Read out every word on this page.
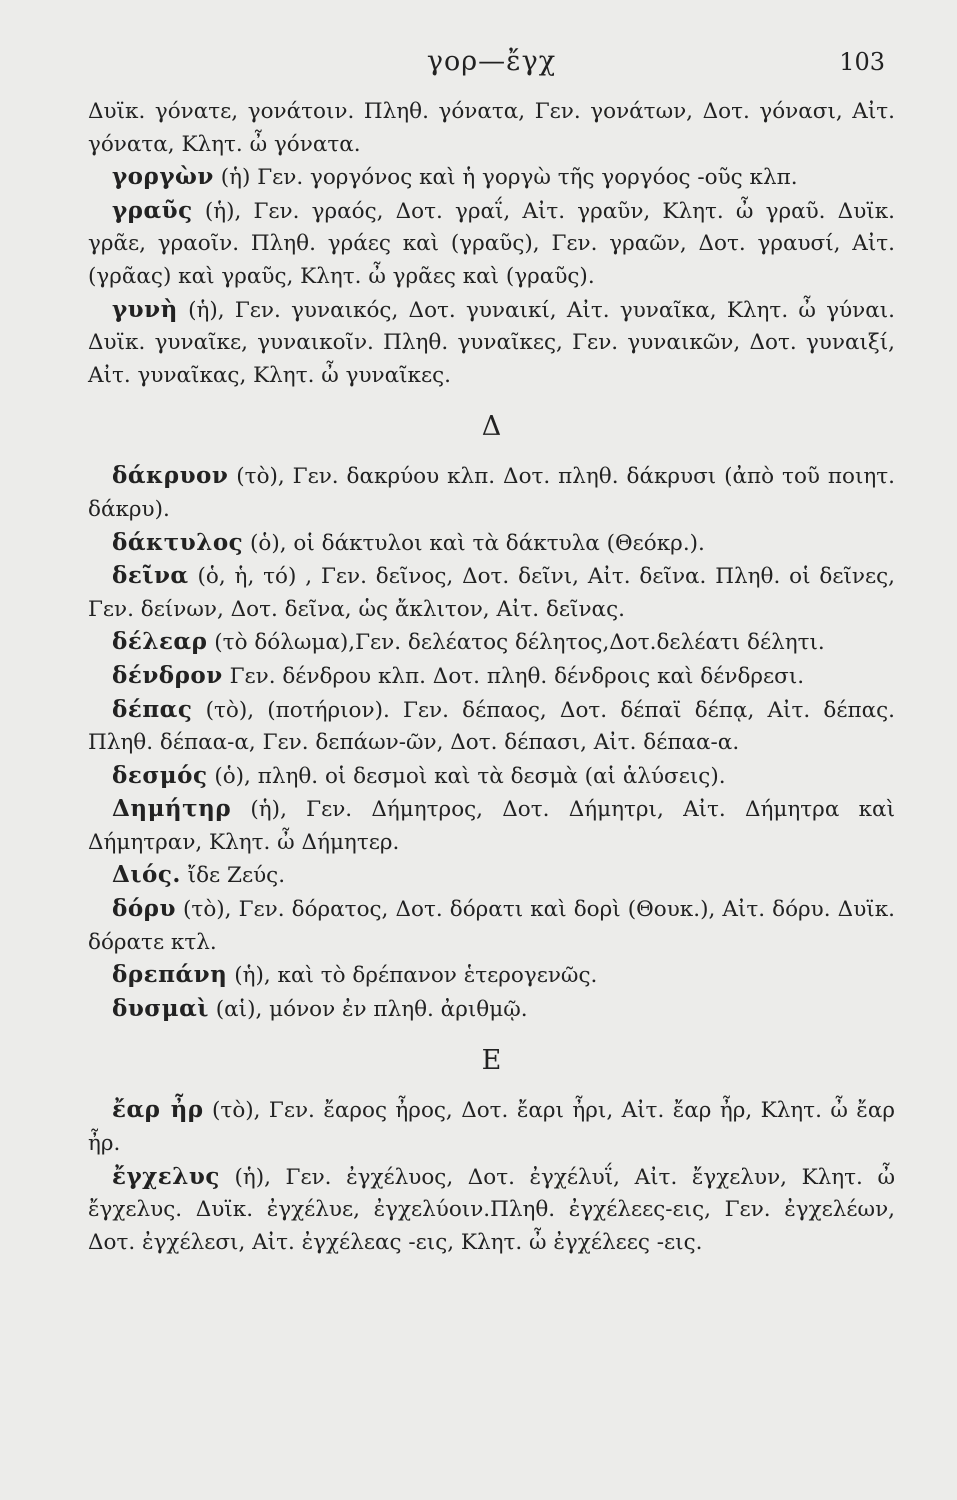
γορ—ἔγχ	103

Δυϊκ. γόνατε, γονάτοιν. Πληθ. γόνατα, Γεν. γονάτων, Δοτ. γόνασι, Αἰτ. γόνατα, Κλητ. ὦ γόνατα.

γοργὼν (ἡ) Γεν. γοργόνος καὶ ἡ γοργὼ τῆς γοργόος -οῦς κλπ.

γραῦς (ἡ), Γεν. γραός, Δοτ. γραΐ, Αἰτ. γραῦν, Κλητ. ὦ γραῦ. Δυϊκ. γρᾶε, γραοῖν. Πληθ. γράες καὶ (γραῦς), Γεν. γραῶν, Δοτ. γραυσί, Αἰτ. (γρᾶας) καὶ γραῦς, Κλητ. ὦ γρᾶες καὶ (γραῦς).

γυνὴ (ἡ), Γεν. γυναικός, Δοτ. γυναικί, Αἰτ. γυναῖκα, Κλητ. ὦ γύναι. Δυϊκ. γυναῖκε, γυναικοῖν. Πληθ. γυναῖκες, Γεν. γυναικῶν, Δοτ. γυναιξί, Αἰτ. γυναῖκας, Κλητ. ὦ γυναῖκες.

Δ

δάκρυον (τὸ), Γεν. δακρύου κλπ. Δοτ. πληθ. δάκρυσι (ἀπὸ τοῦ ποιητ. δάκρυ).

δάκτυλος (ὁ), οἱ δάκτυλοι καὶ τὰ δάκτυλα (Θεόκρ.).

δεῖνα (ὁ, ἡ, τό) , Γεν. δεῖνος, Δοτ. δεῖνι, Αἰτ. δεῖνα. Πληθ. οἱ δεῖνες, Γεν. δείνων, Δοτ. δεῖνα, ὡς ἄκλιτον, Αἰτ. δεῖνας.

δέλεαρ (τὸ δόλωμα),Γεν. δελέατος δέλητος,Δοτ.δελέατι δέλητι.

δένδρον Γεν. δένδρου κλπ. Δοτ. πληθ. δένδροις καὶ δένδρεσι.

δέπας (τὸ), (ποτήριον). Γεν. δέπαος, Δοτ. δέπαϊ δέπᾳ, Αἰτ. δέπας. Πληθ. δέπαα-α, Γεν. δεπάων-ῶν, Δοτ. δέπασι, Αἰτ. δέπαα-α.

δεσμός (ὁ), πληθ. οἱ δεσμοὶ καὶ τὰ δεσμὰ (αἱ ἁλύσεις).

Δημήτηρ (ἡ), Γεν. Δήμητρος, Δοτ. Δήμητρι, Αἰτ. Δήμητρα καὶ Δήμητραν, Κλητ. ὦ Δήμητερ.

Διός. ἴδε Ζεύς.

δόρυ (τὸ), Γεν. δόρατος, Δοτ. δόρατι καὶ δορὶ (Θουκ.), Αἰτ. δόρυ. Δυϊκ. δόρατε κτλ.

δρεπάνη (ἡ), καὶ τὸ δρέπανον ἑτερογενῶς.

δυσμαὶ (αἱ), μόνον ἐν πληθ. ἀριθμῷ.

Ε

ἔαρ ἦρ (τὸ), Γεν. ἔαρος ἦρος, Δοτ. ἔαρι ἦρι, Αἰτ. ἔαρ ἦρ, Κλητ. ὦ ἔαρ ἦρ.

ἔγχελυς (ἡ), Γεν. ἐγχέλυος, Δοτ. ἐγχέλυΐ, Αἰτ. ἔγχελυν, Κλητ. ὦ ἔγχελυς. Δυϊκ. ἐγχέλυε, ἐγχελύοιν.Πληθ. ἐγχέλεες-εις, Γεν. ἐγχελέων, Δοτ. ἐγχέλεσι, Αἰτ. ἐγχέλεας -εις, Κλητ. ὦ ἐγχέλεες -εις.
